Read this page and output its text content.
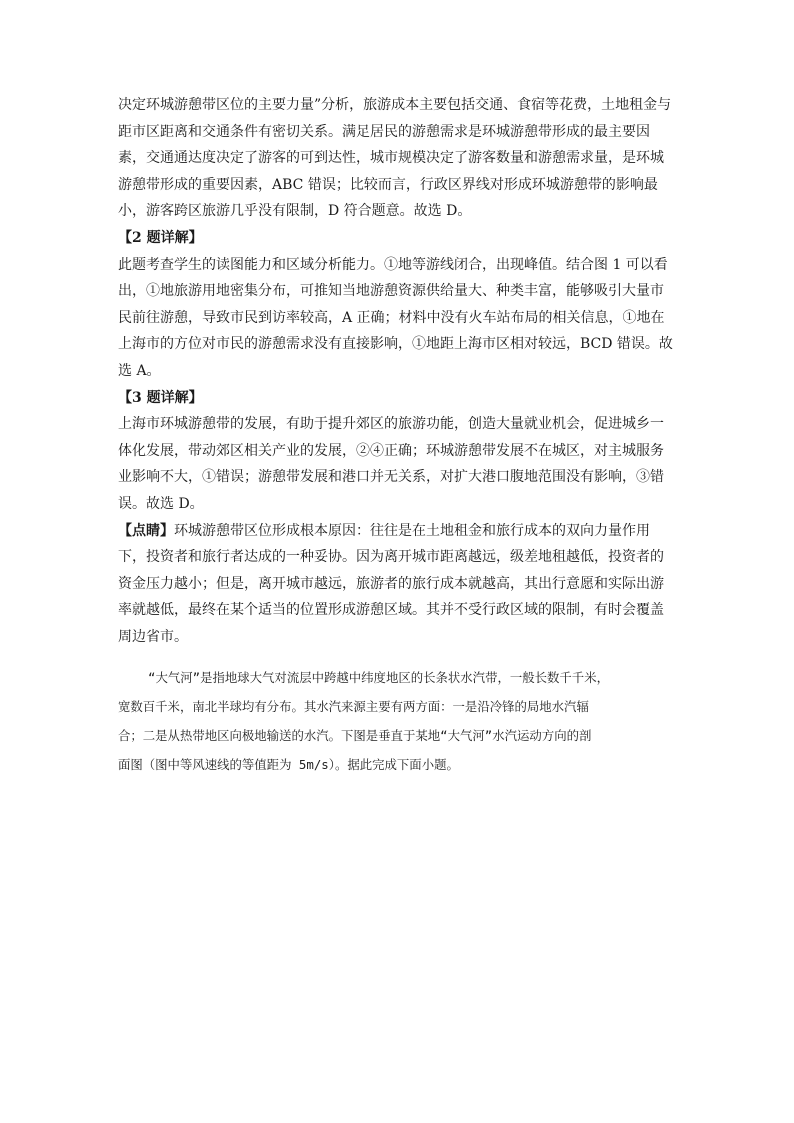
决定环城游憩带区位的主要力量”分析，旅游成本主要包括交通、食宿等花费，土地租金与
距市区距离和交通条件有密切关系。满足居民的游憩需求是环城游憩带形成的最主要因
素，交通通达度决定了游客的可到达性，城市规模决定了游客数量和游憩需求量，是环城
游憩带形成的重要因素，ABC 错误；比较而言，行政区界线对形成环城游憩带的影响最
小，游客跨区旅游几乎没有限制，D 符合题意。故选 D。
【2 题详解】
此题考查学生的读图能力和区域分析能力。①地等游线闭合，出现峰值。结合图 1 可以看
出，①地旅游用地密集分布，可推知当地游憩资源供给量大、种类丰富，能够吸引大量市
民前往游憩，导致市民到访率较高，A 正确；材料中没有火车站布局的相关信息，①地在
上海市的方位对市民的游憩需求没有直接影响，①地距上海市区相对较远，BCD 错误。故
选 A。
【3 题详解】
上海市环城游憩带的发展，有助于提升郊区的旅游功能，创造大量就业机会，促进城乡一
体化发展，带动郊区相关产业的发展，②④正确；环城游憩带发展不在城区，对主城服务
业影响不大，①错误；游憩带发展和港口并无关系，对扩大港口腹地范围没有影响，③错
误。故选 D。
【点睛】环城游憩带区位形成根本原因：往往是在土地租金和旅行成本的双向力量作用
下，投资者和旅行者达成的一种妥协。因为离开城市距离越远，级差地租越低，投资者的
资金压力越小；但是，离开城市越远，旅游者的旅行成本就越高，其出行意愿和实际出游
率就越低，最终在某个适当的位置形成游憩区域。其并不受行政区域的限制，有时会覆盖
周边省市。
“大气河”是指地球大气对流层中跨越中纬度地区的长条状水汽带，一般长数千千米，
宽数百千米，南北半球均有分布。其水汽来源主要有两方面：一是沿冷锋的局地水汽辐
合；二是从热带地区向极地输送的水汽。下图是垂直于某地“大气河”水汽运动方向的剖
面图（图中等风速线的等值距为 5m/s）。据此完成下面小题。
